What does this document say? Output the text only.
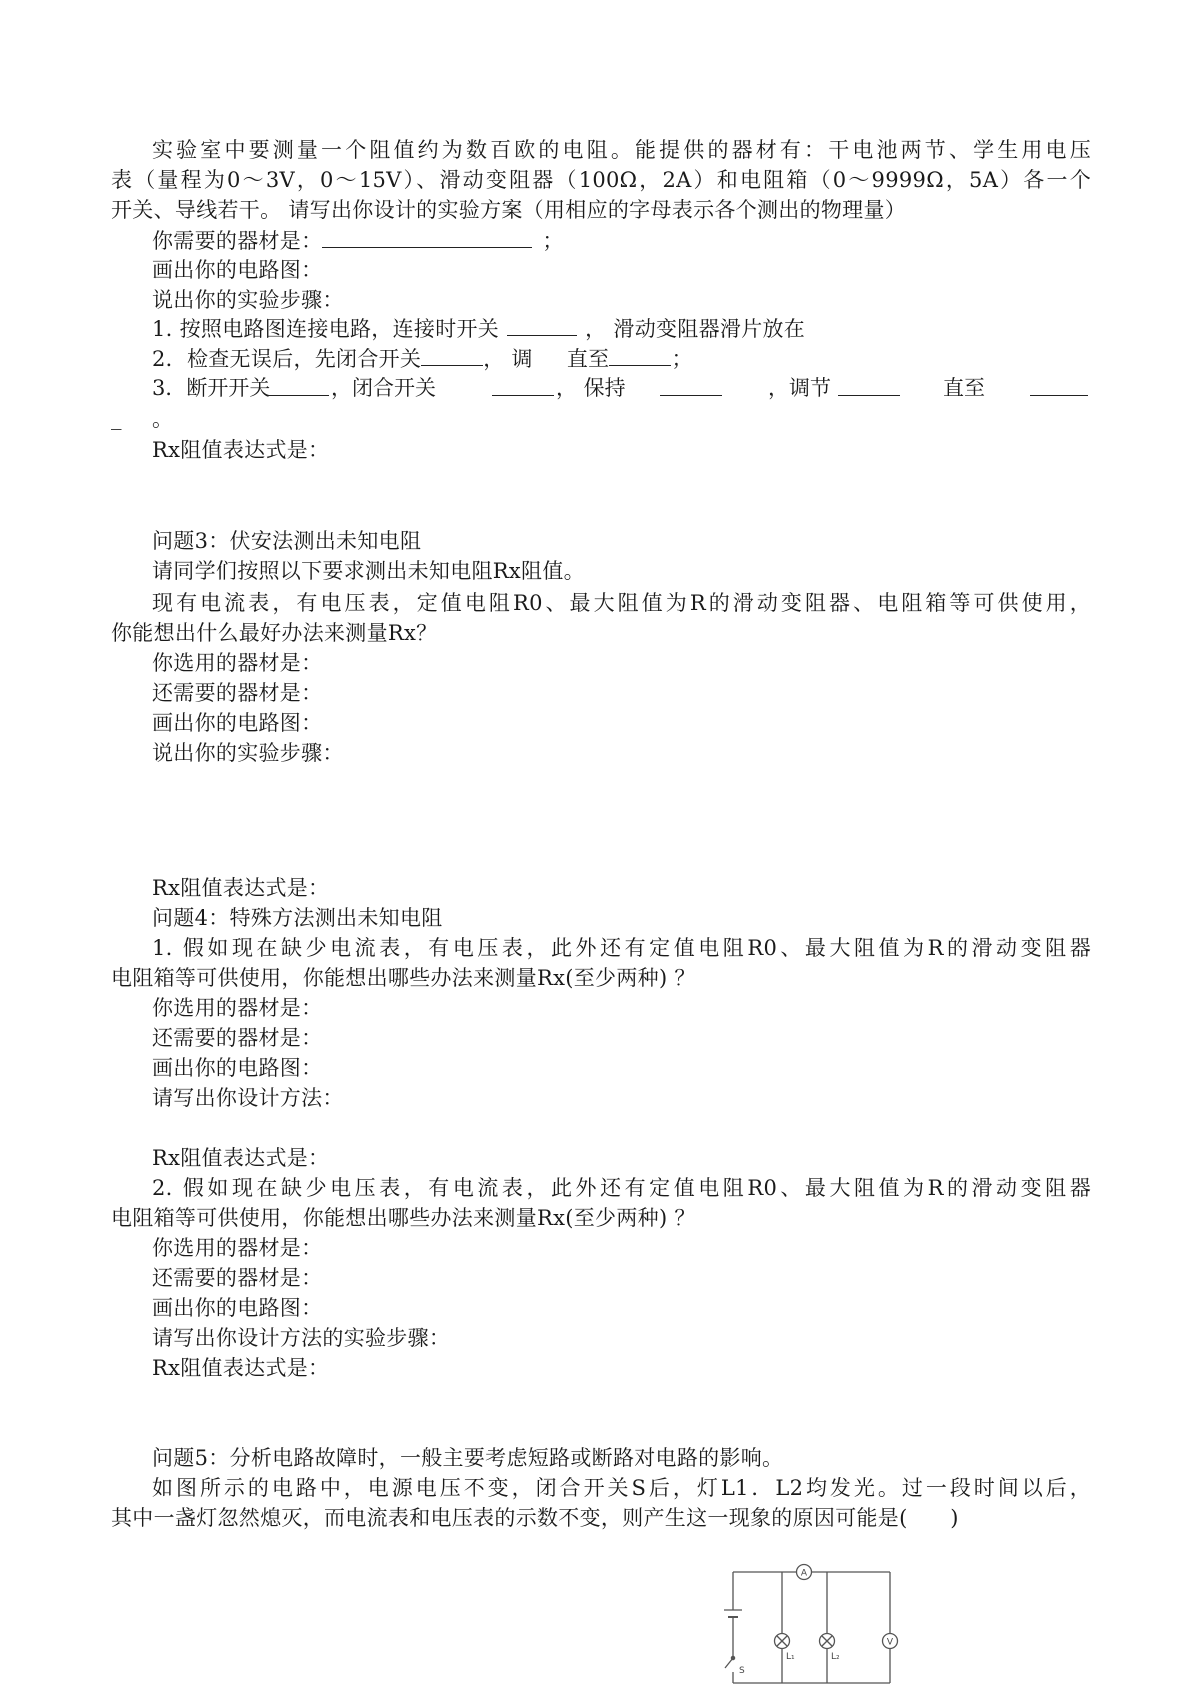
实验室中要测量一个阻值约为数百欧的电阻。能提供的器材有：干电池两节、学生用电压
表（量程为0～3V，0～15V）、滑动变阻器（100Ω，2A）和电阻箱（0～9999Ω，5A）各一个
开关、导线若干。 请写出你设计的实验方案（用相应的字母表示各个测出的物理量）
你需要的器材是：	；
画出你的电路图：
说出你的实验步骤：
1. 按照电路图连接电路，连接时开关	， 滑动变阻器滑片放在
2．检查无误后，先闭合开关	， 调 直至	；
3．断开开关	，闭合开关	， 保持	，调节	直至
_ 。
Rx阻值表达式是：
问题3：伏安法测出未知电阻
请同学们按照以下要求测出未知电阻Rx阻值。
现有电流表，有电压表，定值电阻R0、最大阻值为R的滑动变阻器、电阻箱等可供使用，
你能想出什么最好办法来测量Rx？
你选用的器材是：
还需要的器材是：
画出你的电路图：
说出你的实验步骤：
Rx阻值表达式是：
问题4：特殊方法测出未知电阻
1. 假如现在缺少电流表，有电压表，此外还有定值电阻R0、最大阻值为R的滑动变阻器
电阻箱等可供使用，你能想出哪些办法来测量Rx(至少两种) ？
你选用的器材是：
还需要的器材是：
画出你的电路图：
请写出你设计方法：
Rx阻值表达式是：
2. 假如现在缺少电压表，有电流表，此外还有定值电阻R0、最大阻值为R的滑动变阻器
电阻箱等可供使用，你能想出哪些办法来测量Rx(至少两种) ？
你选用的器材是：
还需要的器材是：
画出你的电路图：
请写出你设计方法的实验步骤：
Rx阻值表达式是：
问题5：分析电路故障时，一般主要考虑短路或断路对电路的影响。
如图所示的电路中，电源电压不变，闭合开关S后，灯L1．L2均发光。过一段时间以后，
其中一盏灯忽然熄灭，而电流表和电压表的示数不变，则产生这一现象的原因可能是(　　)
A
V
L₁	L₂
S
